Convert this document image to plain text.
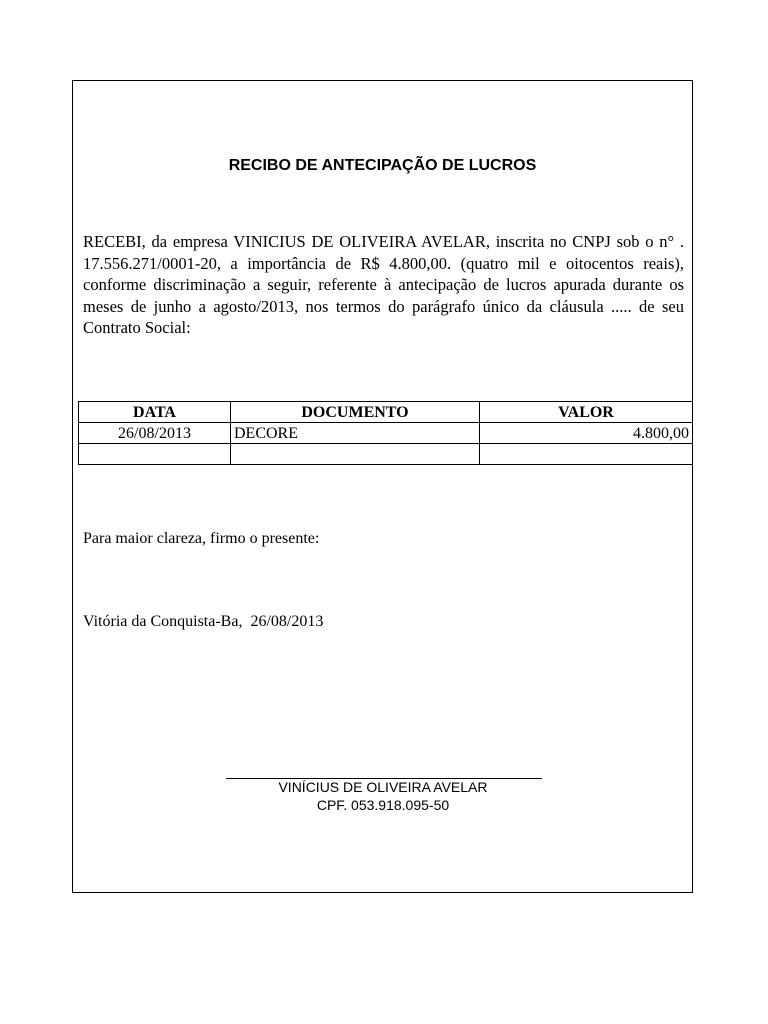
RECIBO DE ANTECIPAÇÃO DE LUCROS

RECEBI, da empresa VINICIUS DE OLIVEIRA AVELAR, inscrita no CNPJ sob o n° . 17.556.271/0001-20, a importância de R$ 4.800,00. (quatro mil e oitocentos reais), conforme discriminação a seguir, referente à antecipação de lucros apurada durante os meses de junho a agosto/2013, nos termos do parágrafo único da cláusula ..... de seu Contrato Social:

DATA	DOCUMENTO	VALOR
26/08/2013	DECORE	4.800,00

Para maior clareza, firmo o presente:

Vitória da Conquista-Ba,  26/08/2013

VINÍCIUS DE OLIVEIRA AVELAR

CPF. 053.918.095-50
